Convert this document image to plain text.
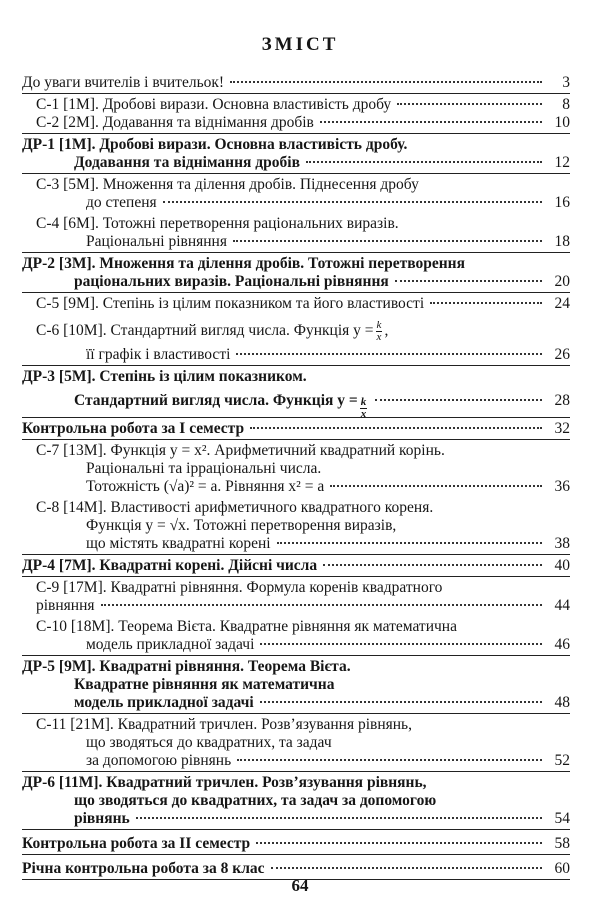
ЗМІСТ
До уваги вчителів і вчительок!	3
С-1 [1М]. Дробові вирази. Основна властивість дробу	8
С-2 [2М]. Додавання та віднімання дробів	10
ДР-1 [1М]. Дробові вирази. Основна властивість дробу.
Додавання та віднімання дробів	12
С-3 [5М]. Множення та ділення дробів. Піднесення дробу
до степеня	16
С-4 [6М]. Тотожні перетворення раціональних виразів.
Раціональні рівняння	18
ДР-2 [3М]. Множення та ділення дробів. Тотожні перетворення
раціональних виразів. Раціональні рівняння	20
С-5 [9М]. Степінь із цілим показником та його властивості	24
С-6 [10М]. Стандартний вигляд числа. Функція $y = \frac{k}{x}$ ,
її графік і властивості	26
ДР-3 [5М]. Степінь із цілим показником.
Стандартний вигляд числа. Функція $y = \frac{k}{x}$	28
Контрольна робота за I семестр	32
С-7 [13М]. Функція y = x². Арифметичний квадратний корінь.
Раціональні та ірраціональні числа.
Тотожність (√a)² = a. Рівняння x² = a	36
С-8 [14М]. Властивості арифметичного квадратного кореня.
Функція y = √x. Тотожні перетворення виразів,
що містять квадратні корені	38
ДР-4 [7М]. Квадратні корені. Дійсні числа	40
С-9 [17М]. Квадратні рівняння. Формула коренів квадратного
рівняння	44
С-10 [18М]. Теорема Вієта. Квадратне рівняння як математична
модель прикладної задачі	46
ДР-5 [9М]. Квадратні рівняння. Теорема Вієта.
Квадратне рівняння як математична
модель прикладної задачі	48
С-11 [21М]. Квадратний тричлен. Розв’язування рівнянь,
що зводяться до квадратних, та задач
за допомогою рівнянь	52
ДР-6 [11М]. Квадратний тричлен. Розв’язування рівнянь,
що зводяться до квадратних, та задач за допомогою
рівнянь	54
Контрольна робота за II семестр	58
Річна контрольна робота за 8 клас	60
64
